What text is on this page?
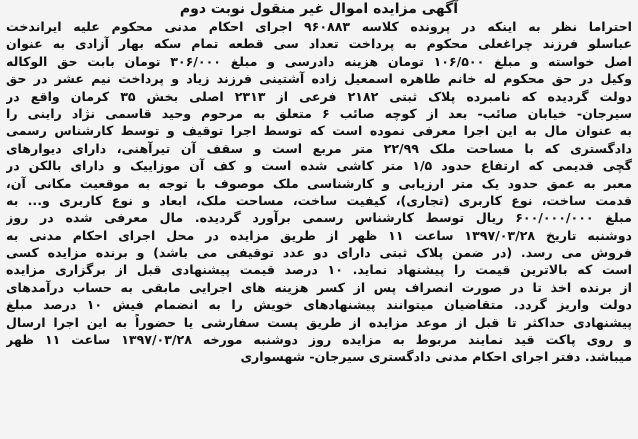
آگهی مزایده اموال غیر منقول نوبت دوم
احتراما نظر به اینکه در پرونده کلاسه ۹۶۰۸۸۳ اجرای احکام مدنی محکوم علیه ایراندخت
عباسلو فرزند چراغعلی محکوم به پرداخت تعداد سی قطعه تمام سکه بهار آزادی به عنوان
اصل خواسته و مبلغ ۱۰۶/۵۰۰ تومان هزینه دادرسی و مبلغ ۳۰۶/۰۰۰ تومان بابت حق الوکاله
وکیل در حق محکوم له خانم طاهره اسمعیل زاده آشتینی فرزند زیاد و پرداخت نیم عشر در حق
دولت گردیده که نامبرده پلاک ثبتی ۲۱۸۲ فرعی از ۲۳۱۳ اصلی بخش ۳۵ کرمان واقع در
سیرجان- خیابان صائب- بعد از کوچه صائب ۶ متعلق به مرحوم وحید قاسمی نژاد راینی را
به عنوان مال به این اجرا معرفی نموده است که توسط اجرا توقیف و توسط کارشناس رسمی
دادگستری که با مساحت ملک ۲۲/۹۹ متر مربع است و سقف آن تیرآهنی، دارای دیوارهای
گچی قدیمی که ارتفاع حدود ۱/۵ متر کاشی شده است و کف آن موزاییک و دارای بالکن در
معبر به عمق حدود یک متر ارزیابی و کارشناسی ملک موصوف با توجه به موقعیت مکانی آن،
قدمت ساخت، نوع کاربری (تجاری)، کیفیت ساخت، مساحت ملک، ابعاد و نوع کاربری و... به
مبلغ ۶۰۰/۰۰۰/۰۰۰ ریال توسط کارشناس رسمی برآورد گردیده. مال معرفی شده در روز
دوشنبه تاریخ ۱۳۹۷/۰۳/۲۸ ساعت ۱۱ ظهر از طریق مزایده در محل اجرای احکام مدنی به
فروش می رسد. (در ضمن پلاک ثبتی دارای دو عدد توقیفی می باشد) و برنده مزایده کسی
است که بالاترین قیمت را پیشنهاد نماید. ۱۰ درصد قیمت پیشنهادی قبل از برگزاری مزایده
از برنده اخذ تا در صورت انصراف پس از کسر هزینه های اجرایی مابقی به حساب درآمدهای
دولت واریز گردد. متقاضیان میتوانند پیشنهادهای خویش را به انضمام فیش ۱۰ درصد مبلغ
پیشنهادی حداکثر تا قبل از موعد مزایده از طریق پست سفارشی یا حضوراً به این اجرا ارسال
و روی پاکت قید نمایند مربوط به مزایده روز دوشنبه مورخه ۱۳۹۷/۰۳/۲۸ ساعت ۱۱ ظهر
میباشد. دفتر اجرای احکام مدنی دادگستری سیرجان- شهسواری
